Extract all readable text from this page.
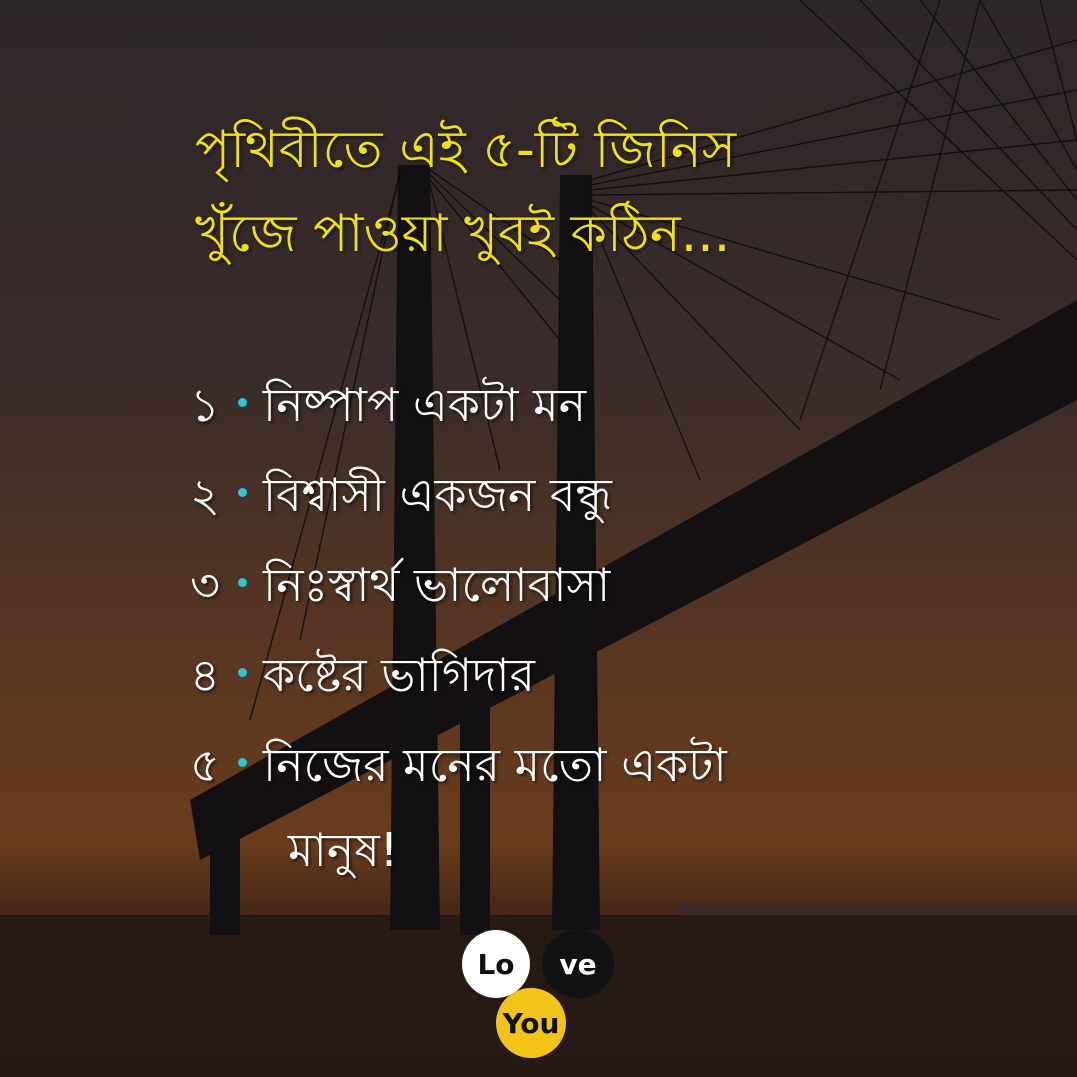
পৃথিবীতে এই ৫-টি জিনিস
খুঁজে পাওয়া খুবই কঠিন...
১ নিষ্পাপ একটা মন
২ বিশ্বাসী একজন বন্ধু
৩ নিঃস্বার্থ ভালোবাসা
৪ কষ্টের ভাগিদার
৫ নিজের মনের মতো একটা
মানুষ!
Lo	ve
You
